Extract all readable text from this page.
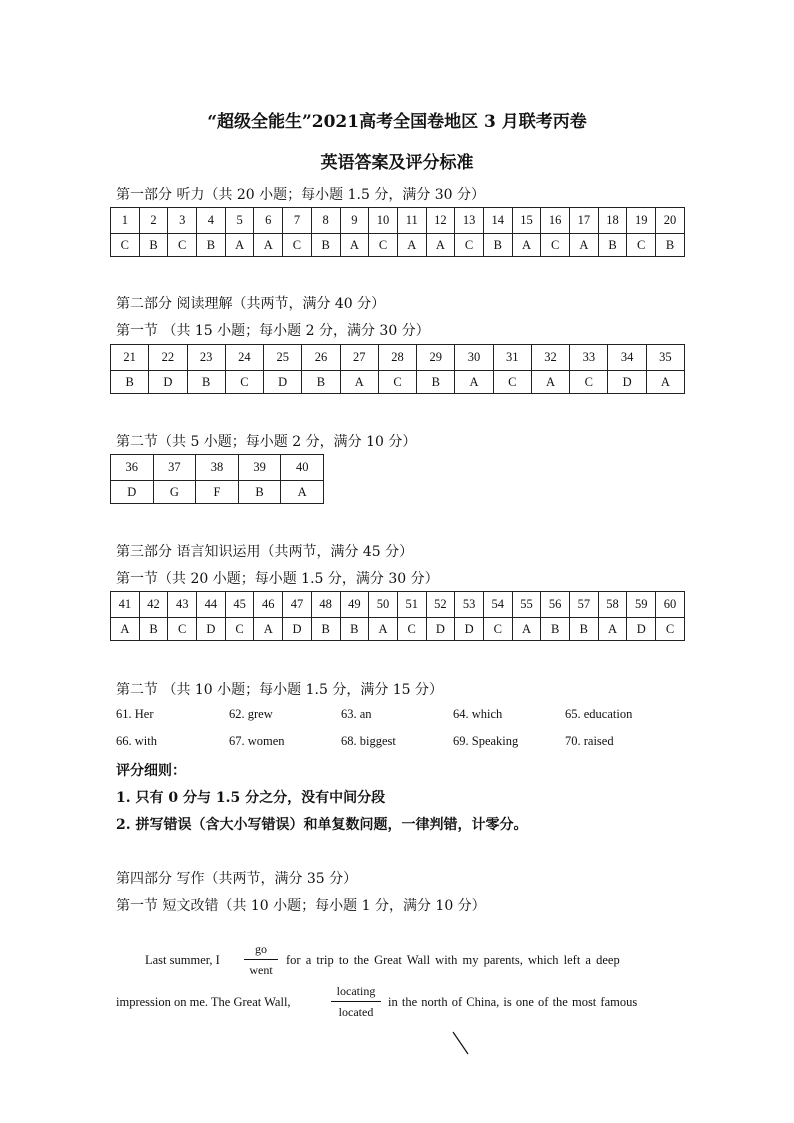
“超级全能生”2021高考全国卷地区 3 月联考丙卷
英语答案及评分标准
第一部分 听力（共 20 小题；每小题 1.5 分，满分 30 分）
1	2	3	4	5	6	7	8	9	10	11	12	13	14	15	16	17	18	19	20
C	B	C	B	A	A	C	B	A	C	A	A	C	B	A	C	A	B	C	B
第二部分 阅读理解（共两节，满分 40 分）
第一节 （共 15 小题；每小题 2 分，满分 30 分）
21	22	23	24	25	26	27	28	29	30	31	32	33	34	35
B	D	B	C	D	B	A	C	B	A	C	A	C	D	A
第二节（共 5 小题；每小题 2 分，满分 10 分）
36	37	38	39	40
D	G	F	B	A
第三部分 语言知识运用（共两节，满分 45 分）
第一节（共 20 小题；每小题 1.5 分，满分 30 分）
41	42	43	44	45	46	47	48	49	50	51	52	53	54	55	56	57	58	59	60
A	B	C	D	C	A	D	B	B	A	C	D	D	C	A	B	B	A	D	C
第二节 （共 10 小题；每小题 1.5 分，满分 15 分）
61. Her	62. grew	63. an	64. which	65. education
66. with	67. women	68. biggest	69. Speaking	70. raised
评分细则：
1. 只有 0 分与 1.5 分之分，没有中间分段
2. 拼写错误（含大小写错误）和单复数问题，一律判错，计零分。
第四部分 写作（共两节，满分 35 分）
第一节 短文改错（共 10 小题；每小题 1 分，满分 10 分）
Last summer, I
go
went
for a trip to the Great Wall with my parents, which left a deep
impression on me. The Great Wall,
locating
located
in the north of China, is one of the most famous
